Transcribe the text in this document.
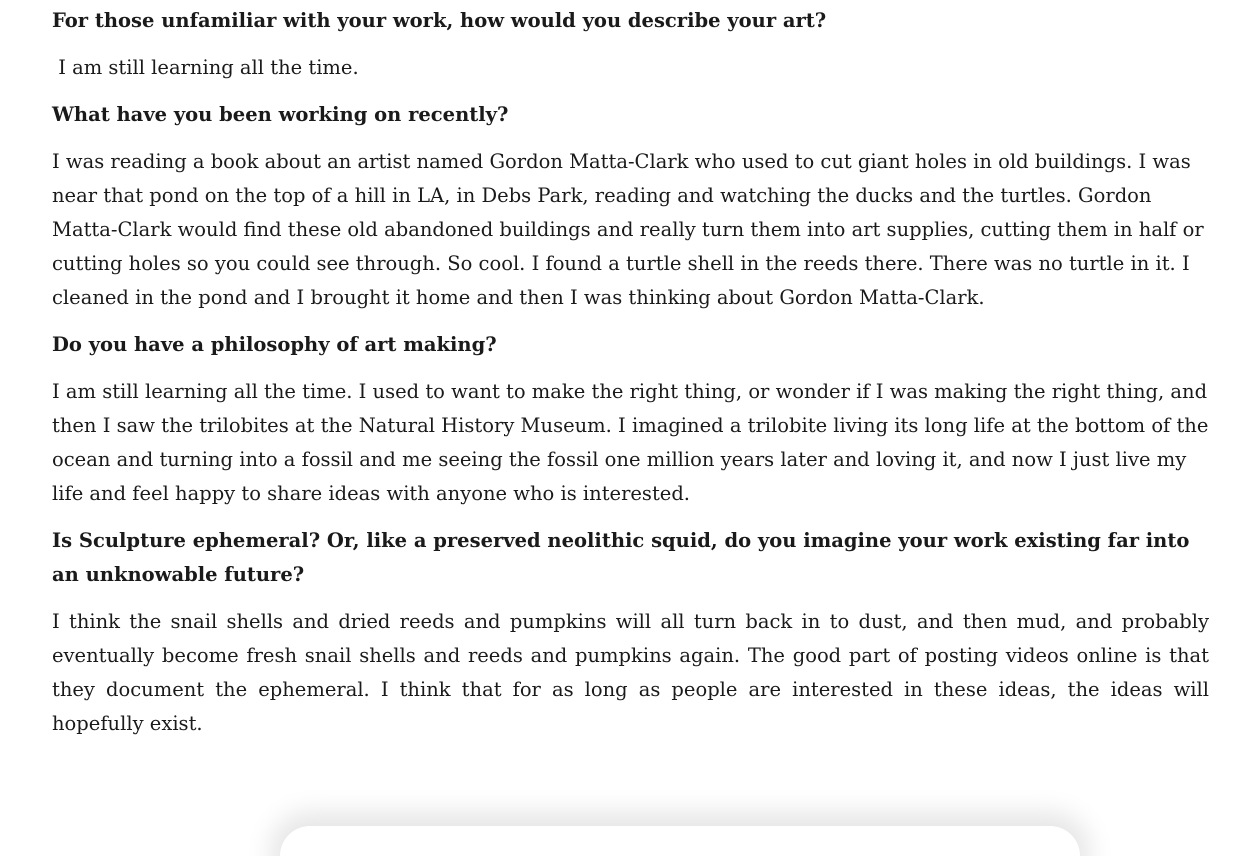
For those unfamiliar with your work, how would you describe your art?

I am still learning all the time.

What have you been working on recently?

I was reading a book about an artist named Gordon Matta-Clark who used to cut giant holes in old buildings. I was near that pond on the top of a hill in LA, in Debs Park, reading and watching the ducks and the turtles. Gordon Matta-Clark would find these old abandoned buildings and really turn them into art supplies, cutting them in half or cutting holes so you could see through. So cool. I found a turtle shell in the reeds there. There was no turtle in it. I cleaned in the pond and I brought it home and then I was thinking about Gordon Matta-Clark.

Do you have a philosophy of art making?

I am still learning all the time. I used to want to make the right thing, or wonder if I was making the right thing, and then I saw the trilobites at the Natural History Museum. I imagined a trilobite living its long life at the bottom of the ocean and turning into a fossil and me seeing the fossil one million years later and loving it, and now I just live my life and feel happy to share ideas with anyone who is interested.

Is Sculpture ephemeral? Or, like a preserved neolithic squid, do you imagine your work existing far into an unknowable future?

I think the snail shells and dried reeds and pumpkins will all turn back in to dust, and then mud, and probably eventually become fresh snail shells and reeds and pumpkins again. The good part of posting videos online is that they document the ephemeral. I think that for as long as people are interested in these ideas, the ideas will hopefully exist.
